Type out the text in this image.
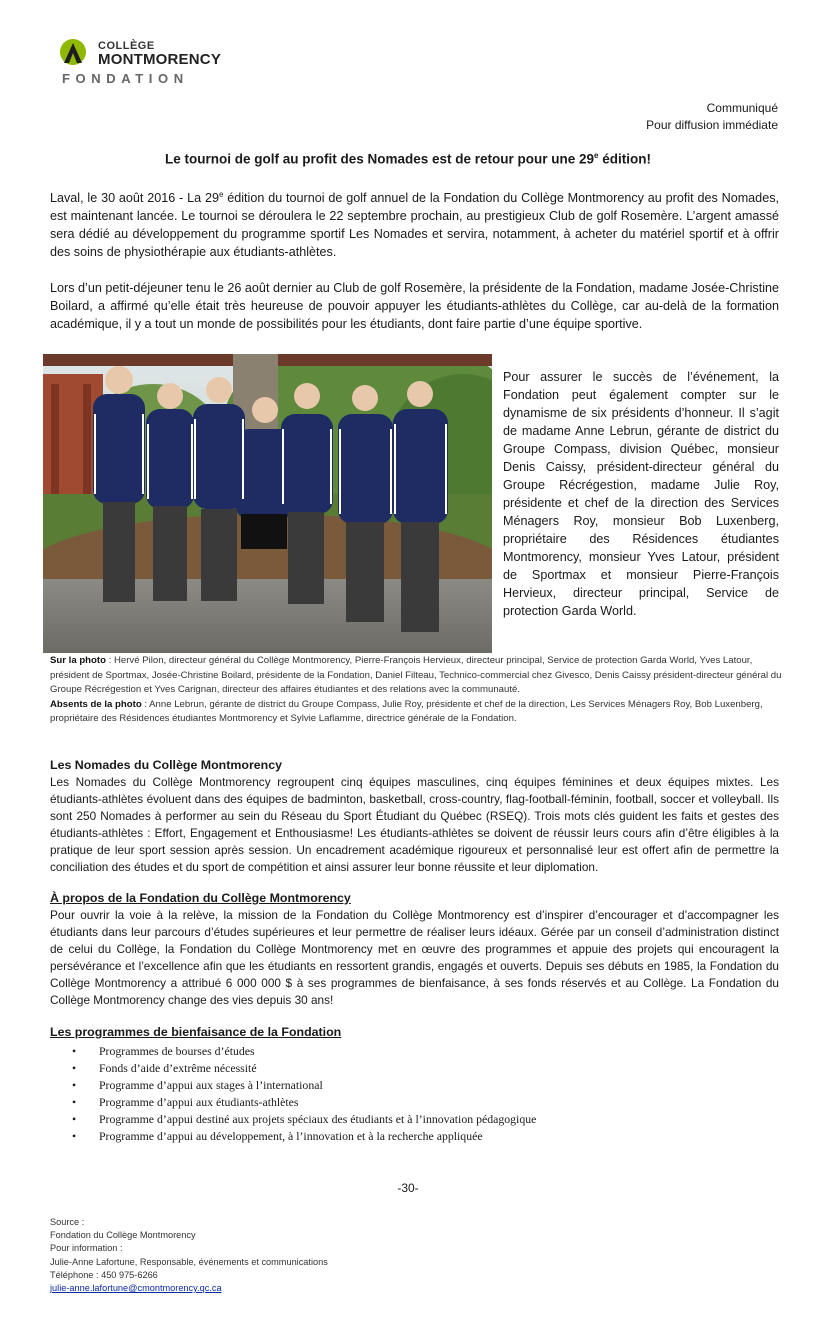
COLLÈGE
MONTMORENCY
FONDATION
Communiqué
Pour diffusion immédiate
Le tournoi de golf au profit des Nomades est de retour pour une 29e édition!

Laval, le 30 août 2016 - La 29e édition du tournoi de golf annuel de la Fondation du Collège Montmorency au profit des Nomades, est maintenant lancée. Le tournoi se déroulera le 22 septembre prochain, au prestigieux Club de golf Rosemère. L’argent amassé sera dédié au développement du programme sportif Les Nomades et servira, notamment, à acheter du matériel sportif et à offrir des soins de physiothérapie aux étudiants-athlètes.

Lors d’un petit-déjeuner tenu le 26 août dernier au Club de golf Rosemère, la présidente de la Fondation, madame Josée-Christine Boilard, a affirmé qu’elle était très heureuse de pouvoir appuyer les étudiants-athlètes du Collège, car au-delà de la formation académique, il y a tout un monde de possibilités pour les étudiants, dont faire partie d’une équipe sportive.

Pour assurer le succès de l’événement, la Fondation peut également compter sur le dynamisme de six présidents d’honneur. Il s’agit de madame Anne Lebrun, gérante de district du Groupe Compass, division Québec, monsieur Denis Caissy, président-directeur général du Groupe Récrégestion, madame Julie Roy, présidente et chef de la direction des Services Ménagers Roy, monsieur Bob Luxenberg, propriétaire des Résidences étudiantes Montmorency, monsieur Yves Latour, président de Sportmax et monsieur Pierre-François Hervieux, directeur principal, Service de protection Garda World.

Sur la photo : Hervé Pilon, directeur général du Collège Montmorency, Pierre-François Hervieux, directeur principal, Service de protection Garda World, Yves Latour, président de Sportmax, Josée-Christine Boilard, présidente de la Fondation, Daniel Filteau, Technico-commercial chez Givesco, Denis Caissy président-directeur général du Groupe Récrégestion et Yves Carignan, directeur des affaires étudiantes et des relations avec la communauté.
Absents de la photo : Anne Lebrun, gérante de district du Groupe Compass, Julie Roy, présidente et chef de la direction, Les Services Ménagers Roy, Bob Luxenberg, propriétaire des Résidences étudiantes Montmorency et Sylvie Laflamme, directrice générale de la Fondation.

Les Nomades du Collège Montmorency

Les Nomades du Collège Montmorency regroupent cinq équipes masculines, cinq équipes féminines et deux équipes mixtes. Les étudiants-athlètes évoluent dans des équipes de badminton, basketball, cross-country, flag-football-féminin, football, soccer et volleyball. Ils sont 250 Nomades à performer au sein du Réseau du Sport Étudiant du Québec (RSEQ). Trois mots clés guident les faits et gestes des étudiants-athlètes : Effort, Engagement et Enthousiasme! Les étudiants-athlètes se doivent de réussir leurs cours afin d’être éligibles à la pratique de leur sport session après session. Un encadrement académique rigoureux et personnalisé leur est offert afin de permettre la conciliation des études et du sport de compétition et ainsi assurer leur bonne réussite et leur diplomation.

À propos de la Fondation du Collège Montmorency

Pour ouvrir la voie à la relève, la mission de la Fondation du Collège Montmorency est d’inspirer d’encourager et d’accompagner les étudiants dans leur parcours d’études supérieures et leur permettre de réaliser leurs idéaux. Gérée par un conseil d’administration distinct de celui du Collège, la Fondation du Collège Montmorency met en œuvre des programmes et appuie des projets qui encouragent la persévérance et l’excellence afin que les étudiants en ressortent grandis, engagés et ouverts. Depuis ses débuts en 1985, la Fondation du Collège Montmorency a attribué 6 000 000 $ à ses programmes de bienfaisance, à ses fonds réservés et au Collège. La Fondation du Collège Montmorency change des vies depuis 30 ans!

Les programmes de bienfaisance de la Fondation
• Programmes de bourses d’études
• Fonds d’aide d’extrême nécessité
• Programme d’appui aux stages à l’international
• Programme d’appui aux étudiants-athlètes
• Programme d’appui destiné aux projets spéciaux des étudiants et à l’innovation pédagogique
• Programme d’appui au développement, à l’innovation et à la recherche appliquée
-30-
Source :
Fondation du Collège Montmorency
Pour information :
Julie-Anne Lafortune, Responsable, événements et communications
Téléphone : 450 975-6266
julie-anne.lafortune@cmontmorency.qc.ca
